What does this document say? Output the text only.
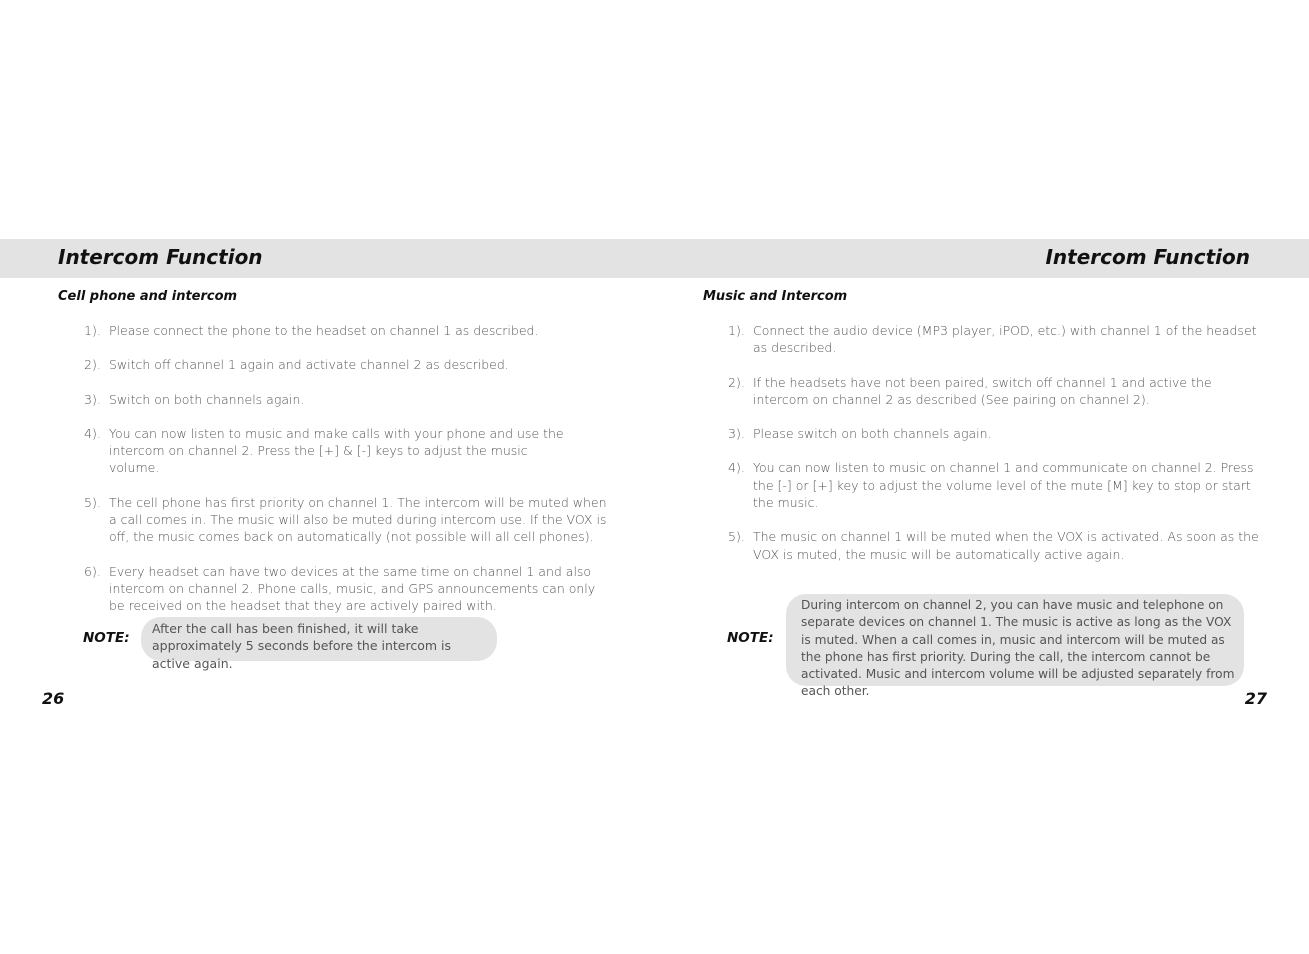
Intercom Function
Cell phone and intercom
1). Please connect the phone to the headset on channel 1 as described.
2). Switch off channel 1 again and activate channel 2 as described.
3). Switch on both channels again.
4). You can now listen to music and make calls with your phone and use the intercom on channel 2. Press the [+] & [-] keys to adjust the music volume.
5). The cell phone has first priority on channel 1. The intercom will be muted when a call comes in. The music will also be muted during intercom use. If the VOX is off, the music comes back on automatically (not possible will all cell phones).
6). Every headset can have two devices at the same time on channel 1 and also intercom on channel 2. Phone calls, music, and GPS announcements can only be received on the headset that they are actively paired with.
NOTE:
After the call has been finished, it will take approximately 5 seconds before the intercom is active again.
26
Intercom Function
Music and Intercom
1). Connect the audio device (MP3 player, iPOD, etc.) with channel 1 of the headset as described.
2). If the headsets have not been paired, switch off channel 1 and active the intercom on channel 2 as described (See pairing on channel 2).
3). Please switch on both channels again.
4). You can now listen to music on channel 1 and communicate on channel 2. Press the [-] or [+] key to adjust the volume level of the mute [M] key to stop or start the music.
5). The music on channel 1 will be muted when the VOX is activated. As soon as the VOX is muted, the music will be automatically active again.
NOTE:
During intercom on channel 2, you can have music and telephone on separate devices on channel 1. The music is active as long as the VOX is muted. When a call comes in, music and intercom will be muted as the phone has first priority. During the call, the intercom cannot be activated. Music and intercom volume will be adjusted separately from each other.	27
